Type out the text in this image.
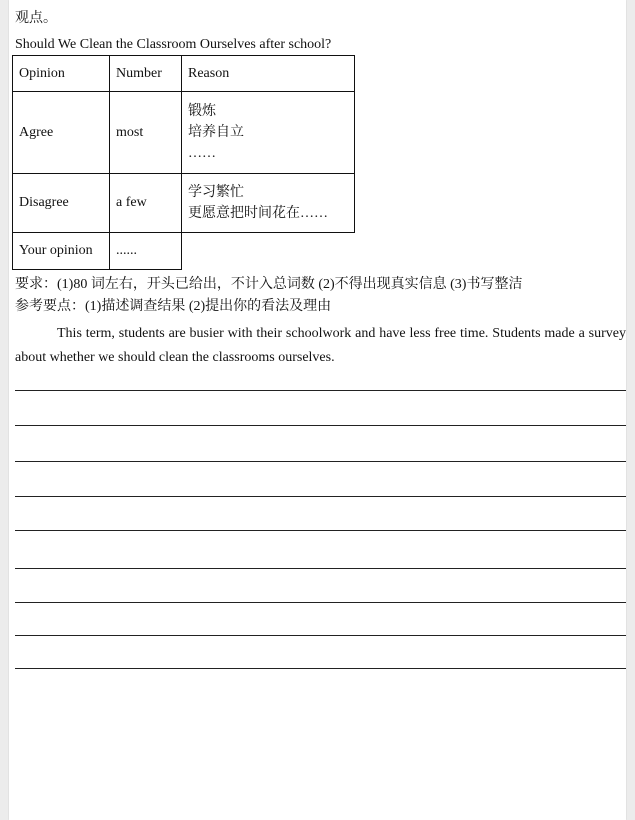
观点。
Should We Clean the Classroom Ourselves after school?
Opinion	Number	Reason
Agree	most	锻炼
培养自立
……

Disagree	a few	学习繁忙
更愿意把时间花在……

Your opinion	......	
要求：(1)80 词左右，开头已给出，不计入总词数 (2)不得出现真实信息 (3)书写整洁
参考要点：(1)描述调查结果 (2)提出你的看法及理由

This term, students are busier with their schoolwork and have less free time. Students made a survey about whether we should clean the classrooms ourselves.
